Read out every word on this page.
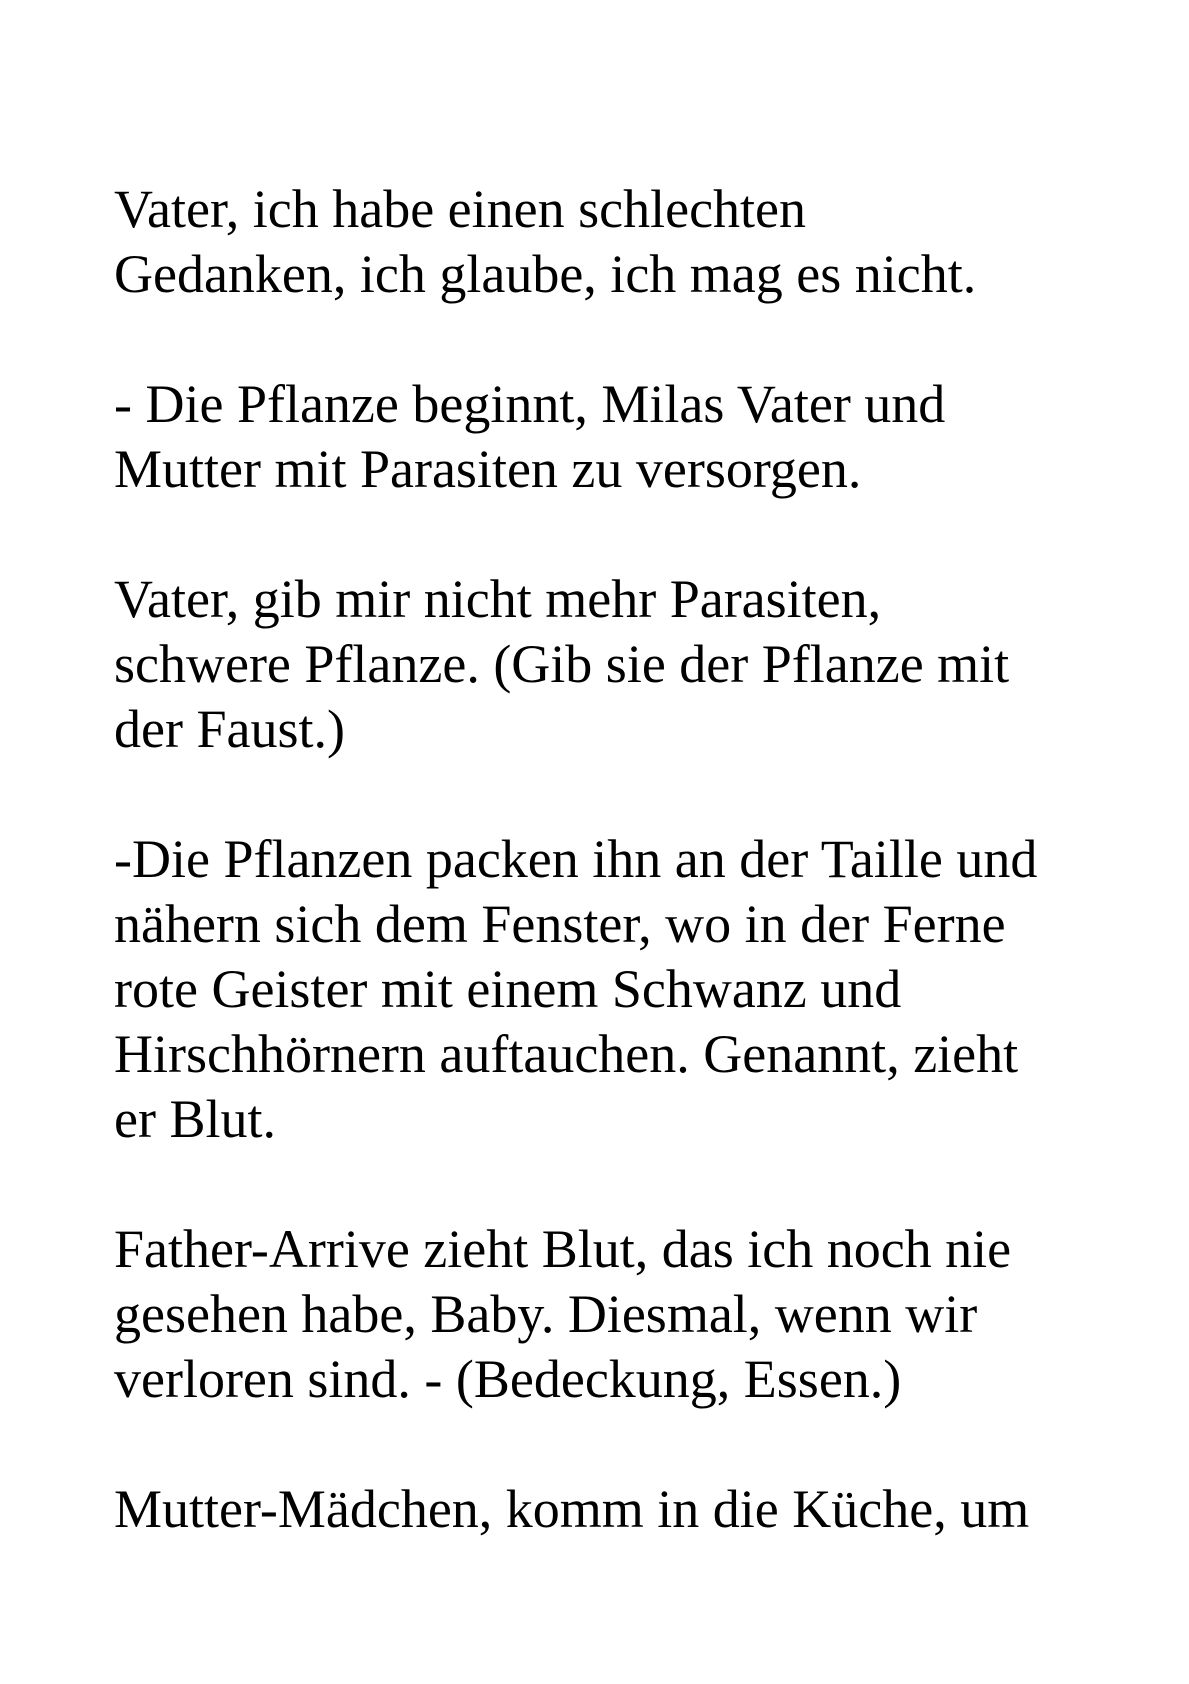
Vater, ich habe einen schlechten
Gedanken, ich glaube, ich mag es nicht.
- Die Pflanze beginnt, Milas Vater und
Mutter mit Parasiten zu versorgen.
Vater, gib mir nicht mehr Parasiten,
schwere Pflanze. (Gib sie der Pflanze mit
der Faust.)
-Die Pflanzen packen ihn an der Taille und
nähern sich dem Fenster, wo in der Ferne
rote Geister mit einem Schwanz und
Hirschhörnern auftauchen. Genannt, zieht
er Blut.
Father-Arrive zieht Blut, das ich noch nie
gesehen habe, Baby. Diesmal, wenn wir
verloren sind. - (Bedeckung, Essen.)
Mutter-Mädchen, komm in die Küche, um
